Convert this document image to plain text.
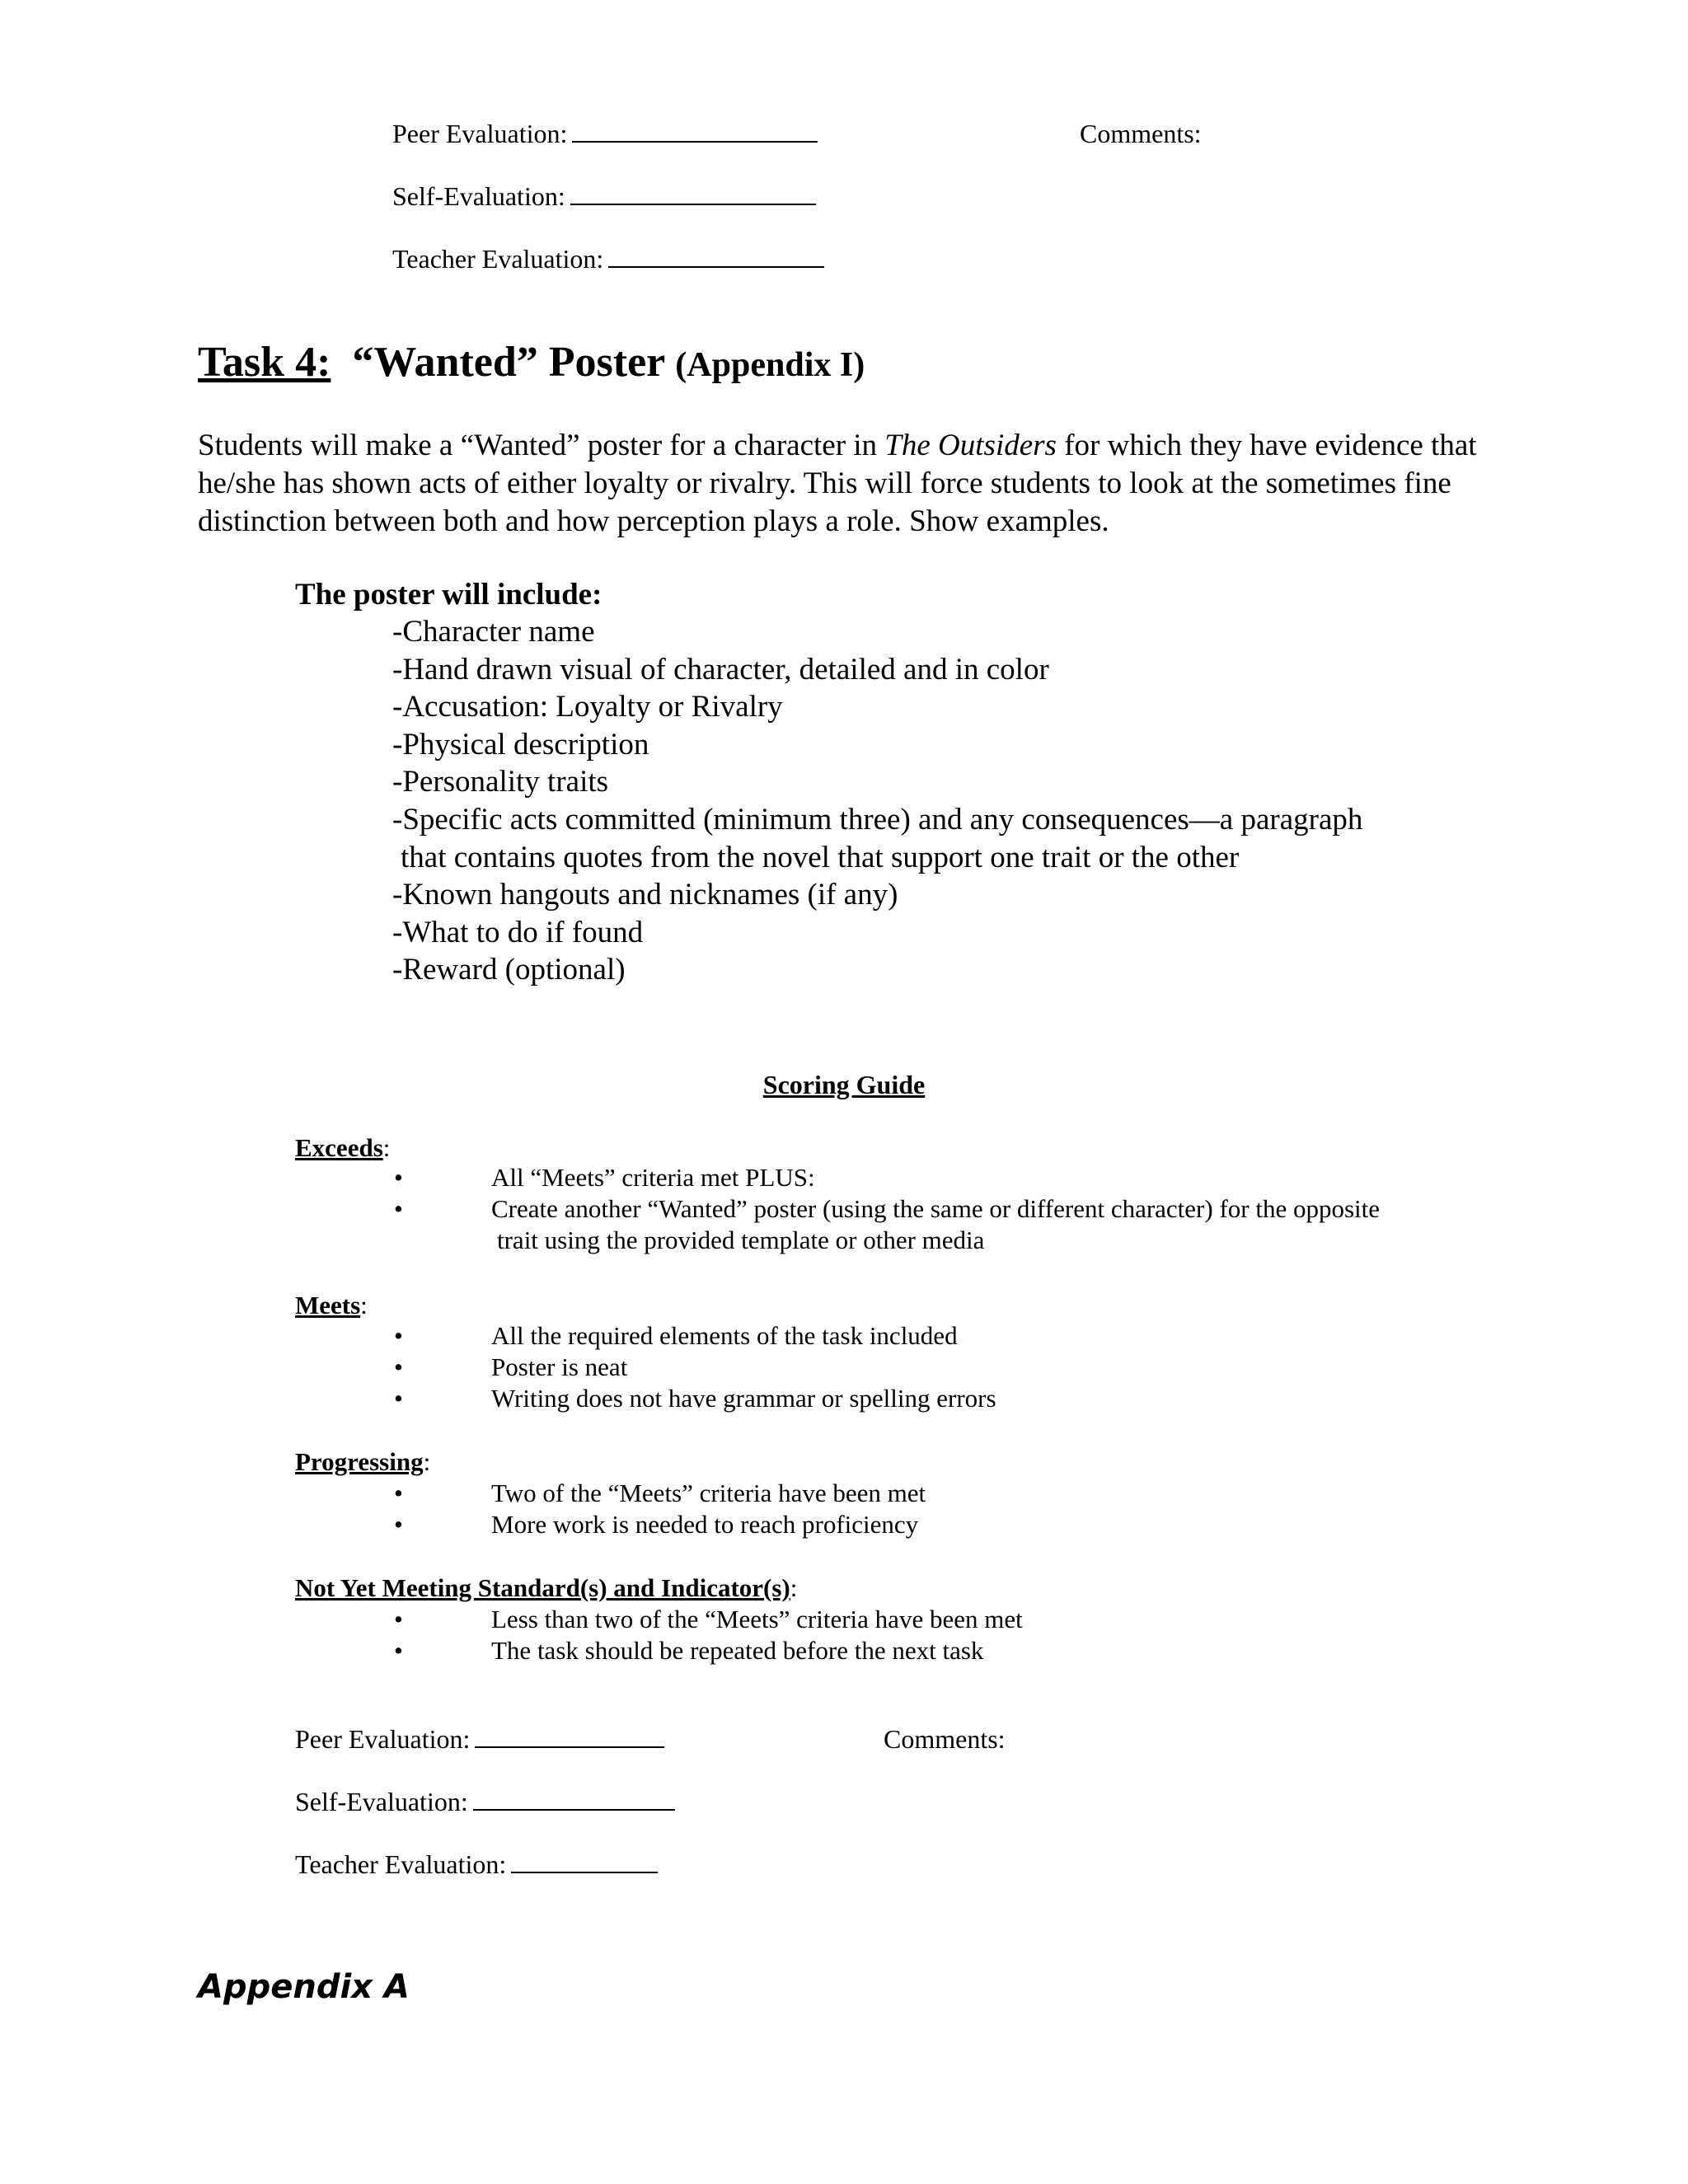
Peer Evaluation:	Comments:
Self-Evaluation:
Teacher Evaluation:
Task 4: “Wanted” Poster (Appendix I)
Students will make a “Wanted” poster for a character in The Outsiders for which they have evidence that he/she has shown acts of either loyalty or rivalry. This will force students to look at the sometimes fine distinction between both and how perception plays a role. Show examples.
The poster will include:
-Character name
-Hand drawn visual of character, detailed and in color
-Accusation: Loyalty or Rivalry
-Physical description
-Personality traits
-Specific acts committed (minimum three) and any consequences—a paragraph
that contains quotes from the novel that support one trait or the other
-Known hangouts and nicknames (if any)
-What to do if found
-Reward (optional)
Scoring Guide
Exceeds:
•	All “Meets” criteria met PLUS:
•	Create another “Wanted” poster (using the same or different character) for the opposite
trait using the provided template or other media
Meets:
•	All the required elements of the task included
•	Poster is neat
•	Writing does not have grammar or spelling errors
Progressing:
•	Two of the “Meets” criteria have been met
•	More work is needed to reach proficiency
Not Yet Meeting Standard(s) and Indicator(s):
•	Less than two of the “Meets” criteria have been met
•	The task should be repeated before the next task
Peer Evaluation:	Comments:
Self-Evaluation:
Teacher Evaluation:
Appendix A
